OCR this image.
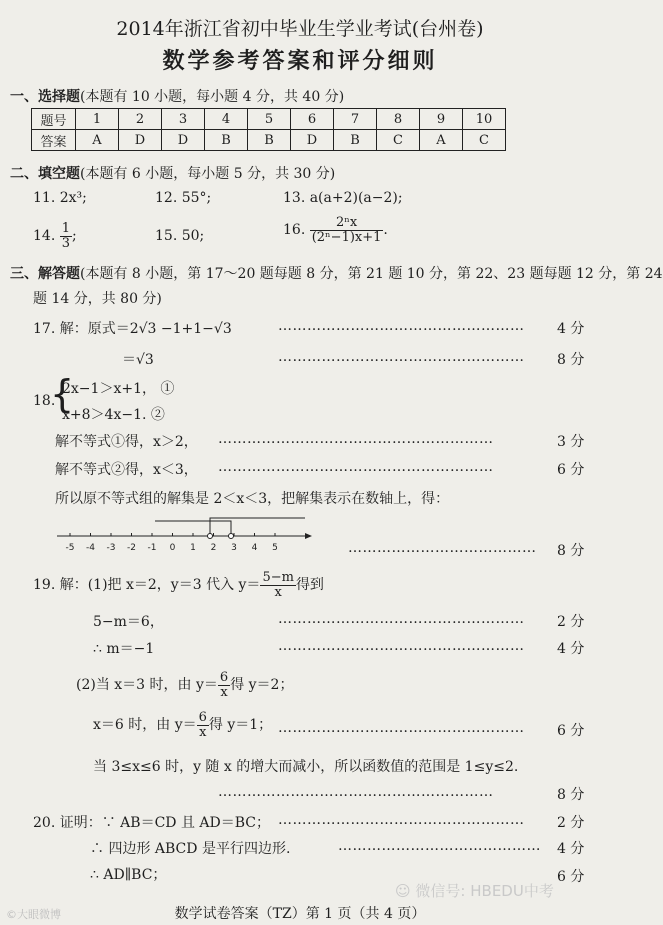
2014年浙江省初中毕业生学业考试(台州卷)
数学参考答案和评分细则
一、选择题(本题有 10 小题，每小题 4 分，共 40 分)
题号	1	2	3	4	5	6	7	8	9	10
答案	A	D	D	B	B	D	B	C	A	C
二、填空题(本题有 6 小题，每小题 5 分，共 30 分)
11. 2x³;	12. 55°;	13. a(a+2)(a−2);
14. $\frac{1}{3}$ ;	15. 50;	16. $\frac{\text{2ⁿx}}{\text{(2ⁿ−1)x+1}}$ .
三、解答题(本题有 8 小题，第 17～20 题每题 8 分，第 21 题 10 分，第 22、23 题每题 12 分，第 24
题 14 分，共 80 分)
17. 解：原式＝2√3 −1+1−√3	…………………………………………… 4 分
＝√3	…………………………………………… 8 分
18.
{
2x−1＞x+1， ①
x+8＞4x−1. ②
解不等式①得，x＞2， …………………………………………………	3 分
解不等式②得，x＜3， …………………………………………………	6 分
所以原不等式组的解集是 2＜x＜3，把解集表示在数轴上，得：
-5 -4 -3 -2 -1 0 1 2 3 4 5	………………………………… 8 分
19. 解：(1)把 x＝2，y＝3 代入 $y= \frac{5-m}{x}$ 得到
5−m＝6，	…………………………………………… 2 分
∴ m＝−1	…………………………………………… 4 分
(2)当 x＝3 时，由 $y= \frac{6}{x}$ 得 y＝2；
x＝6 时，由 $y= \frac{6}{x}$ 得 y＝1； …………………………………………… 6 分
当 3≤x≤6 时，y 随 x 的增大而减小，所以函数值的范围是 1≤y≤2.
…………………………………………………	8 分
20. 证明：∵ AB＝CD 且 AD＝BC； …………………………………………… 2 分
∴ 四边形 ABCD 是平行四边形.	…………………………………… 4 分
∴ AD∥BC；	6 分
☺ 微信号: HBEDU中考
©大眼微博	数学试卷答案（TZ）第 1 页（共 4 页）
